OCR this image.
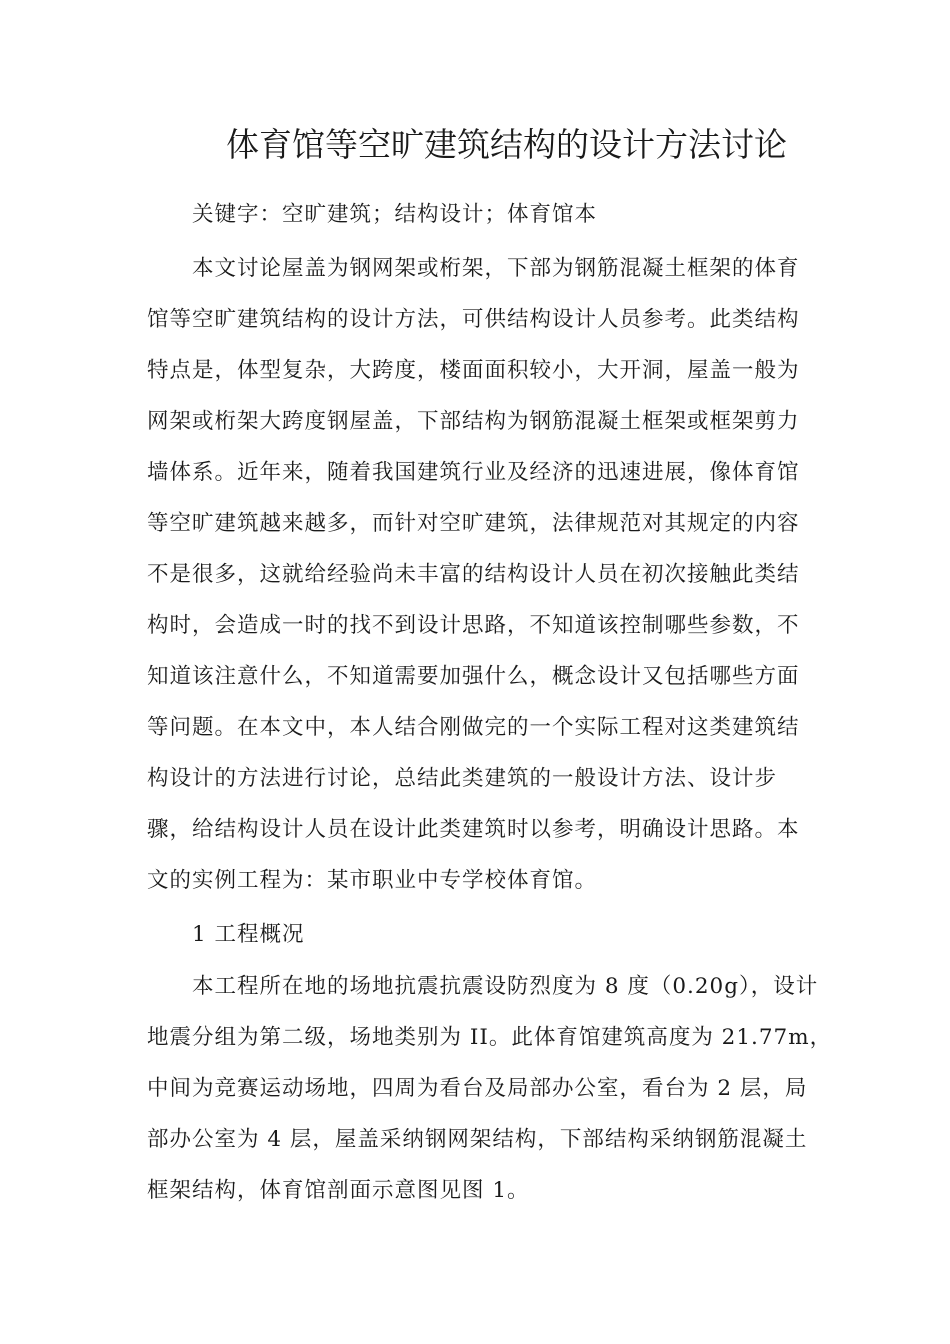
体育馆等空旷建筑结构的设计方法讨论
关键字：空旷建筑；结构设计；体育馆本
本文讨论屋盖为钢网架或桁架，下部为钢筋混凝土框架的体育
馆等空旷建筑结构的设计方法，可供结构设计人员参考。此类结构
特点是，体型复杂，大跨度，楼面面积较小，大开洞，屋盖一般为
网架或桁架大跨度钢屋盖，下部结构为钢筋混凝土框架或框架剪力
墙体系。近年来，随着我国建筑行业及经济的迅速进展，像体育馆
等空旷建筑越来越多，而针对空旷建筑，法律规范对其规定的内容
不是很多，这就给经验尚未丰富的结构设计人员在初次接触此类结
构时，会造成一时的找不到设计思路，不知道该控制哪些参数，不
知道该注意什么，不知道需要加强什么，概念设计又包括哪些方面
等问题。在本文中，本人结合刚做完的一个实际工程对这类建筑结
构设计的方法进行讨论，总结此类建筑的一般设计方法、设计步
骤，给结构设计人员在设计此类建筑时以参考，明确设计思路。本
文的实例工程为：某市职业中专学校体育馆。
1 工程概况
本工程所在地的场地抗震抗震设防烈度为 8 度（0.20g），设计
地震分组为第二级，场地类别为 II。此体育馆建筑高度为 21.77m，
中间为竞赛运动场地，四周为看台及局部办公室，看台为 2 层，局
部办公室为 4 层，屋盖采纳钢网架结构，下部结构采纳钢筋混凝土
框架结构，体育馆剖面示意图见图 1。
